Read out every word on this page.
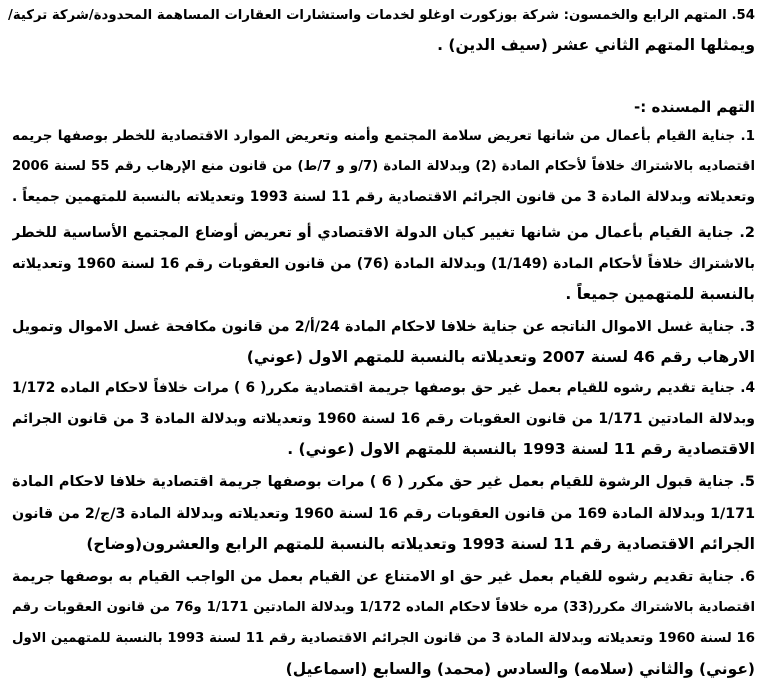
54. المتهم الرابع والخمسون: شركة بوزكورت اوغلو لخدمات واستشارات العقارات المساهمة المحدودة/شركة تركية/
ويمثلها المتهم الثاني عشر (سيف الدين) .
التهم المسنده :-
1. جناية القيام بأعمال من شانها تعريض سلامة المجتمع وأمنه وتعريض الموارد الاقتصادية للخطر بوصفها جريمه
اقتصاديه بالاشتراك خلافاً لأحكام المادة (2) وبدلالة المادة (7/و و 7/ط) من قانون منع الإرهاب رقم 55 لسنة 2006
وتعديلاته وبدلالة المادة 3 من قانون الجرائم الاقتصادية رقم 11 لسنة 1993 وتعديلاته بالنسبة للمتهمين جميعاً .
2. جناية القيام بأعمال من شانها تغيير كيان الدولة الاقتصادي أو تعريض أوضاع المجتمع الأساسية للخطر
بالاشتراك خلافاً لأحكام المادة (1/149) وبدلالة المادة (76) من قانون العقوبات رقم 16 لسنة 1960 وتعديلاته
بالنسبة للمتهمين جميعاً .
3. جناية غسل الاموال الناتجه عن جناية خلافا لاحكام المادة 24/أ/2 من قانون مكافحة غسل الاموال وتمويل
الارهاب رقم 46 لسنة 2007 وتعديلاته بالنسبة للمتهم الاول (عوني)
4. جناية تقديم رشوه للقيام بعمل غير حق بوصفها جريمة اقتصادية مكرر( 6 ) مرات خلافاً لاحكام الماده 1/172
وبدلالة المادتين 1/171 من قانون العقوبات رقم 16 لسنة 1960 وتعديلاته وبدلالة المادة 3 من قانون الجرائم
الاقتصادية رقم 11 لسنة 1993 بالنسبة للمتهم الاول (عوني) .
5. جناية قبول الرشوة للقيام بعمل غير حق مكرر ( 6 ) مرات بوصفها جريمة اقتصادية خلافا لاحكام المادة
1/171 وبدلالة المادة 169 من قانون العقوبات رقم 16 لسنة 1960 وتعديلاته وبدلالة المادة 3/ج/2 من قانون
الجرائم الاقتصادية رقم 11 لسنة 1993 وتعديلاته بالنسبة للمتهم الرابع والعشرون(وضاح)
6. جناية تقديم رشوه للقيام بعمل غير حق او الامتناع عن القيام بعمل من الواجب القيام به بوصفها جريمة
اقتصادية بالاشتراك مكرر(33) مره خلافاً لاحكام الماده 1/172 وبدلالة المادتين 1/171 و76 من قانون العقوبات رقم
16 لسنة 1960 وتعديلاته وبدلالة المادة 3 من قانون الجرائم الاقتصادية رقم 11 لسنة 1993 بالنسبة للمتهمين الاول
(عوني) والثاني (سلامه) والسادس (محمد) والسابع (اسماعيل)
